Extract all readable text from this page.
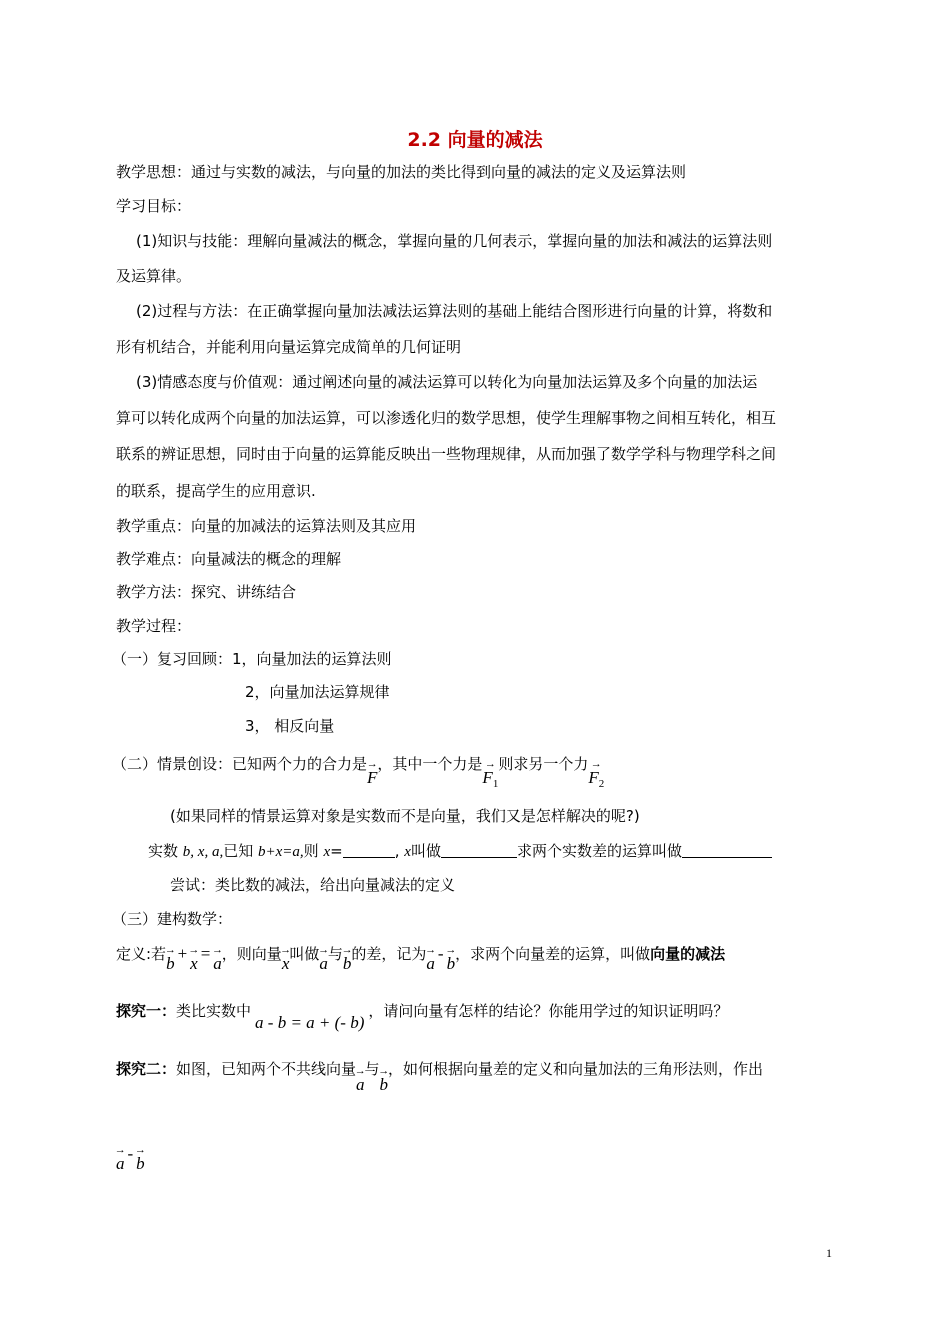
2.2 向量的减法
教学思想：通过与实数的减法，与向量的加法的类比得到向量的减法的定义及运算法则
学习目标：
(1)知识与技能：理解向量减法的概念，掌握向量的几何表示，掌握向量的加法和减法的运算法则
及运算律。
(2)过程与方法：在正确掌握向量加法减法运算法则的基础上能结合图形进行向量的计算，将数和
形有机结合，并能利用向量运算完成简单的几何证明
(3)情感态度与价值观：通过阐述向量的减法运算可以转化为向量加法运算及多个向量的加法运
算可以转化成两个向量的加法运算，可以渗透化归的数学思想，使学生理解事物之间相互转化，相互
联系的辨证思想，同时由于向量的运算能反映出一些物理规律，从而加强了数学学科与物理学科之间
的联系，提高学生的应用意识.
教学重点：向量的加减法的运算法则及其应用
教学难点：向量减法的概念的理解
教学方法：探究、讲练结合
教学过程：
（一）复习回顾：1，向量加法的运算法则
2，向量加法运算规律
3， 相反向量
（二）情景创设：已知两个力的合力是→ F，其中一个力是→ $F_1$则求另一个力→ $F_2$
(如果同样的情景运算对象是实数而不是向量，我们又是怎样解决的呢?)
实数 b, x, a,已知 b+x=a,则 x=	, x叫做	求两个实数差的运算叫做
尝试：类比数的减法，给出向量减法的定义
（三）建构数学：
定义:若→ b+→ x=→ a，则向量→ x叫做→ a与→ b的差，记为→ a-→ b，求两个向量差的运算，叫做向量的减法
探究一：类比实数中a - b = a + (- b)，请问向量有怎样的结论？你能用学过的知识证明吗？
探究二：如图，已知两个不共线向量→ a与→ b，如何根据向量差的定义和向量加法的三角形法则，作出
→ a-→ b
1
